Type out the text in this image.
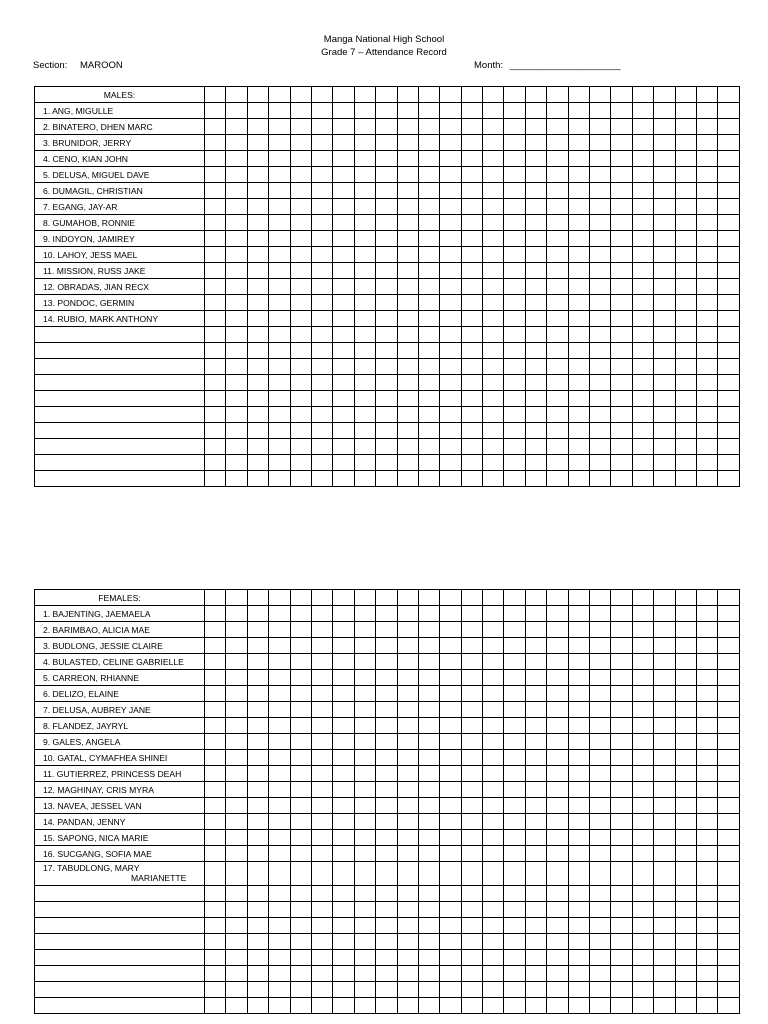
Manga National High School
Grade 7 – Attendance Record
Section: MAROON	Month: _____________________
MALES:																									
1. ANG, MIGULLE																									
2. BINATERO, DHEN MARC																									
3. BRUNIDOR, JERRY																									
4. CENO, KIAN JOHN																									
5. DELUSA, MIGUEL DAVE																									
6. DUMAGIL, CHRISTIAN																									
7. EGANG, JAY-AR																									
8. GUMAHOB, RONNIE																									
9. INDOYON, JAMIREY																									
10. LAHOY, JESS MAEL																									
11. MISSION, RUSS JAKE																									
12. OBRADAS, JIAN RECX																									
13. PONDOC, GERMIN																									
14. RUBIO, MARK ANTHONY																									

FEMALES:																									
1. BAJENTING, JAEMAELA																									
2. BARIMBAO, ALICIA MAE																									
3. BUDLONG, JESSIE CLAIRE																									
4. BULASTED, CELINE GABRIELLE																									
5. CARREON, RHIANNE																									
6. DELIZO, ELAINE																									
7. DELUSA, AUBREY JANE																									
8. FLANDEZ, JAYRYL																									
9. GALES, ANGELA																									
10. GATAL, CYMAFHEA SHINEI																									
11. GUTIERREZ, PRINCESS DEAH																									
12. MAGHINAY, CRIS MYRA																									
13. NAVEA, JESSEL VAN																									
14. PANDAN, JENNY																									
15. SAPONG, NICA MARIE																									
16. SUCGANG, SOFIA MAE																									

17. TABUDLONG, MARY
MARIANETTE																									
